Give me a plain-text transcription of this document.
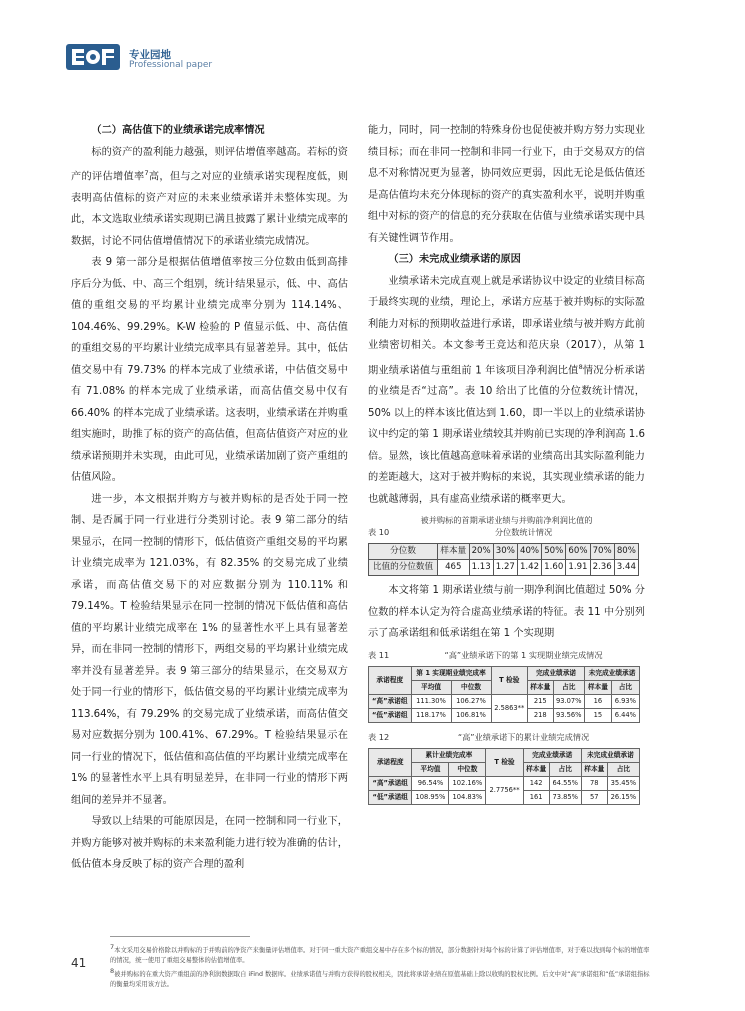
专业园地
Professional paper
（二）高估值下的业绩承诺完成率情况

标的资产的盈利能力越强，则评估增值率越高。若标的资产的评估增值率$^7$高，但与之对应的业绩承诺实现程度低，则表明高估值标的资产对应的未来业绩承诺并未整体实现。为此，本文选取业绩承诺实现期已满且披露了累计业绩完成率的数据，讨论不同估值增值情况下的承诺业绩完成情况。

表 9 第一部分是根据估值增值率按三分位数由低到高排序后分为低、中、高三个组别，统计结果显示，低、中、高估值的重组交易的平均累计业绩完成率分别为 114.14%、104.46%、99.29%。K-W 检验的 P 值显示低、中、高估值的重组交易的平均累计业绩完成率具有显著差异。其中，低估值交易中有 79.73% 的样本完成了业绩承诺，中估值交易中有 71.08% 的样本完成了业绩承诺，而高估值交易中仅有 66.40% 的样本完成了业绩承诺。这表明，业绩承诺在并购重组实施时，助推了标的资产的高估值，但高估值资产对应的业绩承诺预期并未实现，由此可见，业绩承诺加剧了资产重组的估值风险。

进一步，本文根据并购方与被并购标的是否处于同一控制、是否属于同一行业进行分类别讨论。表 9 第二部分的结果显示，在同一控制的情形下，低估值资产重组交易的平均累计业绩完成率为 121.03%，有 82.35% 的交易完成了业绩承诺，而高估值交易下的对应数据分别为 110.11% 和 79.14%。T 检验结果显示在同一控制的情况下低估值和高估值的平均累计业绩完成率在 1% 的显著性水平上具有显著差异，而在非同一控制的情形下，两组交易的平均累计业绩完成率并没有显著差异。表 9 第三部分的结果显示，在交易双方处于同一行业的情形下，低估值交易的平均累计业绩完成率为 113.64%，有 79.29% 的交易完成了业绩承诺，而高估值交易对应数据分别为 100.41%、67.29%。T 检验结果显示在同一行业的情况下，低估值和高估值的平均累计业绩完成率在 1% 的显著性水平上具有明显差异，在非同一行业的情形下两组间的差异并不显著。

导致以上结果的可能原因是，在同一控制和同一行业下，并购方能够对被并购标的未来盈利能力进行较为准确的估计，低估值本身反映了标的资产合理的盈利

能力，同时，同一控制的特殊身份也促使被并购方努力实现业绩目标；而在非同一控制和非同一行业下，由于交易双方的信息不对称情况更为显著，协同效应更弱，因此无论是低估值还是高估值均未充分体现标的资产的真实盈利水平，说明并购重组中对标的资产的信息的充分获取在估值与业绩承诺实现中具有关键性调节作用。

（三）未完成业绩承诺的原因

业绩承诺未完成直观上就是承诺协议中设定的业绩目标高于最终实现的业绩，理论上，承诺方应基于被并购标的实际盈利能力对标的预期收益进行承诺，即承诺业绩与被并购方此前业绩密切相关。本文参考王竞达和范庆泉（2017），从第 1 期业绩承诺值与重组前 1 年该项目净利润比值$^8$情况分析承诺的业绩是否“过高”。表 10 给出了比值的分位数统计情况，50% 以上的样本该比值达到 1.60，即一半以上的业绩承诺协议中约定的第 1 期承诺业绩较其并购前已实现的净利润高 1.6 倍。显然，该比值越高意味着承诺的业绩高出其实际盈利能力的差距越大，这对于被并购标的来说，其实现业绩承诺的能力也就越薄弱，具有虚高业绩承诺的概率更大。

被并购标的首期承诺业绩与并购前净利润比值的
表 10	分位数统计情况
分位数	样本量	20%	30%	40%	50%	60%	70%	80%
比值的分位数值	465	1.13	1.27	1.42	1.60	1.91	2.36	3.44

本文将第 1 期承诺业绩与前一期净利润比值超过 50% 分位数的样本认定为符合虚高业绩承诺的特征。表 11 中分别列示了高承诺组和低承诺组在第 1 个实现期

表 11	“高”业绩承诺下的第 1 实现期业绩完成情况
承诺程度	第 1 实现期业绩完成率		T 检验	完成业绩承诺		未完成业绩承诺	
	平均值	中位数		样本量	占比	样本量	占比
“高”承诺组	111.30%	106.27%	2.5863**	215	93.07%	16	6.93%
“低”承诺组	118.17%	106.81%		218	93.56%	15	6.44%
表 12	“高”业绩承诺下的累计业绩完成情况
承诺程度	累计业绩完成率		T 检验	完成业绩承诺		未完成业绩承诺	
	平均值	中位数		样本量	占比	样本量	占比
“高”承诺组	96.54%	102.16%	2.7756**	142	64.55%	78	35.45%
“低”承诺组	108.95%	104.83%		161	73.85%	57	26.15%
$^7$本文采用交易价格除以并购标的于并购前的净资产来衡量评估增值率。对于同一重大资产重组交易中存在多个标的情况，部分数据针对每个标的计算了评估增值率，对于难以找到每个标的增值率的情况，统一使用了重组交易整体的估值增值率。
$^8$被并购标的在重大资产重组前的净利润数据取自 iFind 数据库。业绩承诺值与并购方获得的股权相关，因此将承诺业绩在原值基础上除以收购的股权比例。后文中对“高”承诺组和“低”承诺组指标的衡量均采用该方法。
41
